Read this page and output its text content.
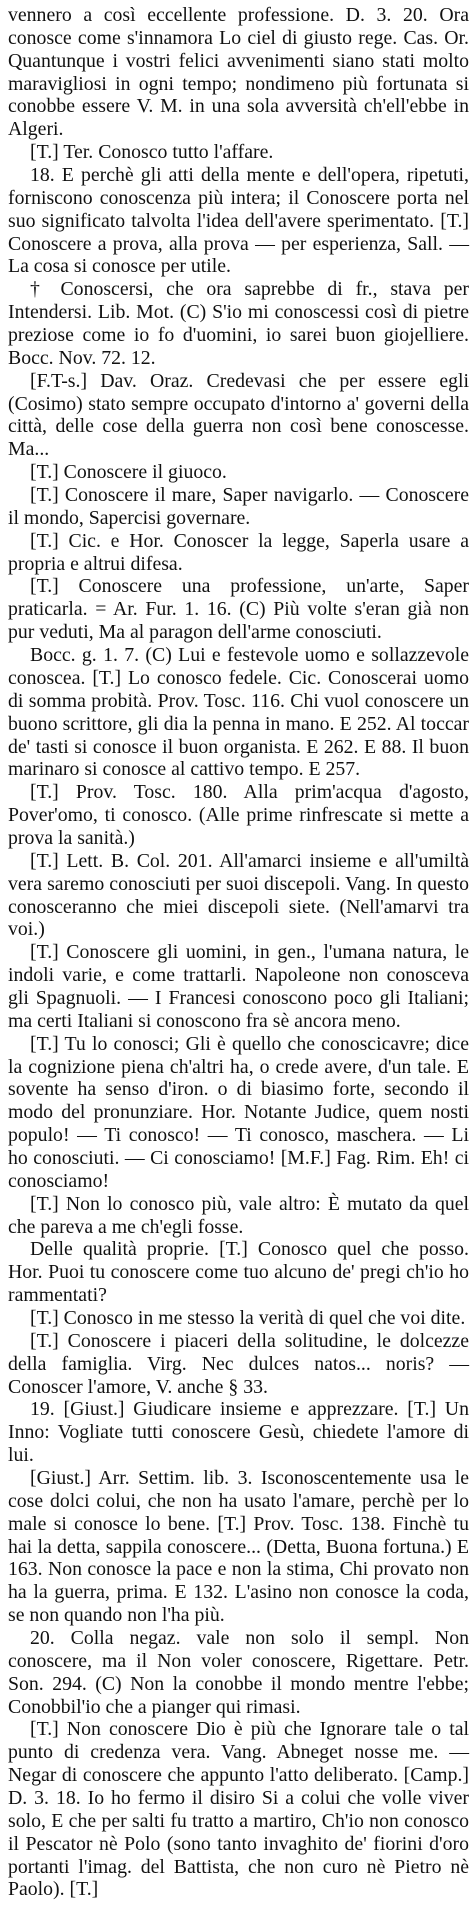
vennero a così eccellente professione. D. 3. 20. Ora conosce come s'innamora Lo ciel di giusto rege. Cas. Or. Quantunque i vostri felici avvenimenti siano stati molto maravigliosi in ogni tempo; nondimeno più fortunata si conobbe essere V. M. in una sola avversità ch'ell'ebbe in Algeri.

[T.] Ter. Conosco tutto l'affare.

18. E perchè gli atti della mente e dell'opera, ripetuti, forniscono conoscenza più intera; il Conoscere porta nel suo significato talvolta l'idea dell'avere sperimentato. [T.] Conoscere a prova, alla prova — per esperienza, Sall. — La cosa si conosce per utile.

† Conoscersi, che ora saprebbe di fr., stava per Intendersi. Lib. Mot. (C) S'io mi conoscessi così di pietre preziose come io fo d'uomini, io sarei buon giojelliere. Bocc. Nov. 72. 12.

[F.T-s.] Dav. Oraz. Credevasi che per essere egli (Cosimo) stato sempre occupato d'intorno a' governi della città, delle cose della guerra non così bene conoscesse. Ma...

[T.] Conoscere il giuoco.

[T.] Conoscere il mare, Saper navigarlo. — Conoscere il mondo, Sapercisi governare.

[T.] Cic. e Hor. Conoscer la legge, Saperla usare a propria e altrui difesa.

[T.] Conoscere una professione, un'arte, Saper praticarla. = Ar. Fur. 1. 16. (C) Più volte s'eran già non pur veduti, Ma al paragon dell'arme conosciuti.

Bocc. g. 1. 7. (C) Lui e festevole uomo e sollazzevole conoscea. [T.] Lo conosco fedele. Cic. Conoscerai uomo di somma probità. Prov. Tosc. 116. Chi vuol conoscere un buono scrittore, gli dia la penna in mano. E 252. Al toccar de' tasti si conosce il buon organista. E 262. E 88. Il buon marinaro si conosce al cattivo tempo. E 257.

[T.] Prov. Tosc. 180. Alla prim'acqua d'agosto, Pover'omo, ti conosco. (Alle prime rinfrescate si mette a prova la sanità.)

[T.] Lett. B. Col. 201. All'amarci insieme e all'umiltà vera saremo conosciuti per suoi discepoli. Vang. In questo conosceranno che miei discepoli siete. (Nell'amarvi tra voi.)

[T.] Conoscere gli uomini, in gen., l'umana natura, le indoli varie, e come trattarli. Napoleone non conosceva gli Spagnuoli. — I Francesi conoscono poco gli Italiani; ma certi Italiani si conoscono fra sè ancora meno.

[T.] Tu lo conosci; Gli è quello che conoscicavre; dice la cognizione piena ch'altri ha, o crede avere, d'un tale. E sovente ha senso d'iron. o di biasimo forte, secondo il modo del pronunziare. Hor. Notante Judice, quem nosti populo! — Ti conosco! — Ti conosco, maschera. — Li ho conosciuti. — Ci conosciamo! [M.F.] Fag. Rim. Eh! ci conosciamo!

[T.] Non lo conosco più, vale altro: È mutato da quel che pareva a me ch'egli fosse.

Delle qualità proprie. [T.] Conosco quel che posso. Hor. Puoi tu conoscere come tuo alcuno de' pregi ch'io ho rammentati?

[T.] Conosco in me stesso la verità di quel che voi dite.

[T.] Conoscere i piaceri della solitudine, le dolcezze della famiglia. Virg. Nec dulces natos... noris? — Conoscer l'amore, V. anche § 33.

19. [Giust.] Giudicare insieme e apprezzare. [T.] Un Inno: Vogliate tutti conoscere Gesù, chiedete l'amore di lui.

[Giust.] Arr. Settim. lib. 3. Isconoscentemente usa le cose dolci colui, che non ha usato l'amare, perchè per lo male si conosce lo bene. [T.] Prov. Tosc. 138. Finchè tu hai la detta, sappila conoscere... (Detta, Buona fortuna.) E 163. Non conosce la pace e non la stima, Chi provato non ha la guerra, prima. E 132. L'asino non conosce la coda, se non quando non l'ha più.

20. Colla negaz. vale non solo il sempl. Non conoscere, ma il Non voler conoscere, Rigettare. Petr. Son. 294. (C) Non la conobbe il mondo mentre l'ebbe; Conobbil'io che a pianger qui rimasi.

[T.] Non conoscere Dio è più che Ignorare tale o tal punto di credenza vera. Vang. Abneget nosse me. — Negar di conoscere che appunto l'atto deliberato. [Camp.] D. 3. 18. Io ho fermo il disiro Si a colui che volle viver solo, E che per salti fu tratto a martiro, Ch'io non conosco il Pescator nè Polo (sono tanto invaghito de' fiorini d'oro portanti l'imag. del Battista, che non curo nè Pietro nè Paolo). [T.]
